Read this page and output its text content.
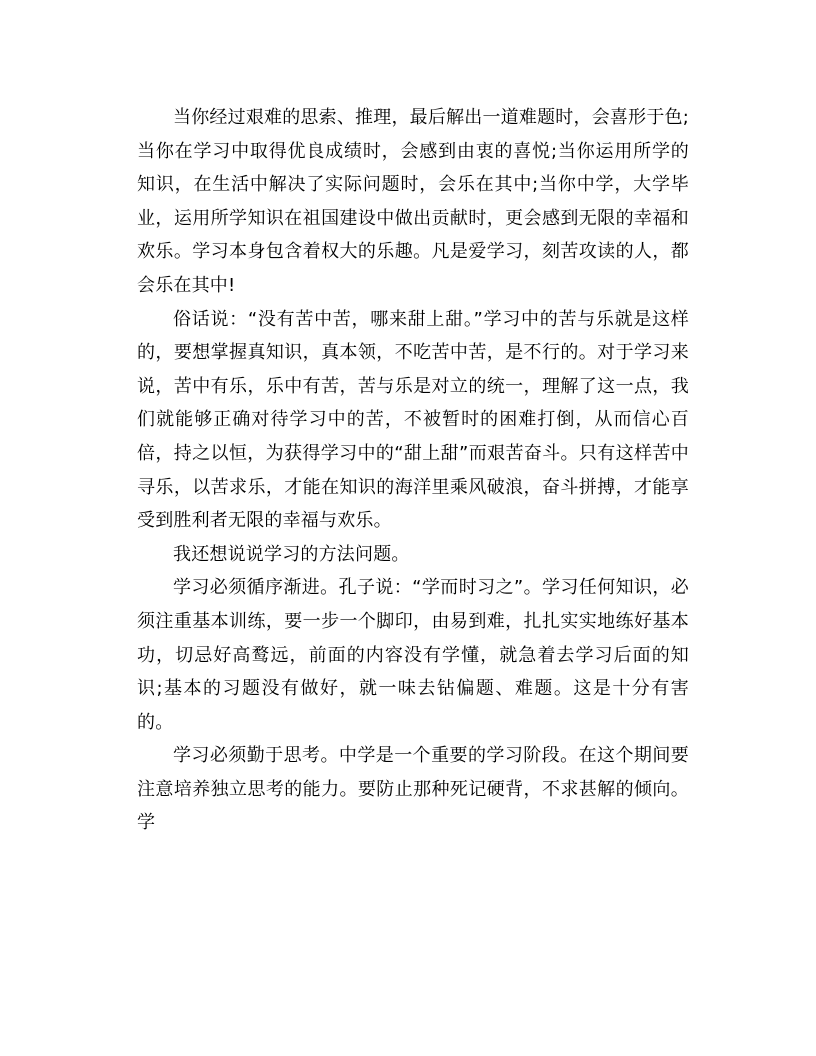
当你经过艰难的思索、推理，最后解出一道难题时，会喜形于色;当你在学习中取得优良成绩时，会感到由衷的喜悦;当你运用所学的知识，在生活中解决了实际问题时，会乐在其中;当你中学，大学毕业，运用所学知识在祖国建设中做出贡献时，更会感到无限的幸福和欢乐。学习本身包含着权大的乐趣。凡是爱学习，刻苦攻读的人，都会乐在其中!

俗话说：“没有苦中苦，哪来甜上甜。”学习中的苦与乐就是这样的，要想掌握真知识，真本领，不吃苦中苦，是不行的。对于学习来说，苦中有乐，乐中有苦，苦与乐是对立的统一，理解了这一点，我们就能够正确对待学习中的苦，不被暂时的困难打倒，从而信心百倍，持之以恒，为获得学习中的“甜上甜”而艰苦奋斗。只有这样苦中寻乐，以苦求乐，才能在知识的海洋里乘风破浪，奋斗拼搏，才能享受到胜利者无限的幸福与欢乐。

我还想说说学习的方法问题。

学习必须循序渐进。孔子说：“学而时习之”。学习任何知识，必须注重基本训练，要一步一个脚印，由易到难，扎扎实实地练好基本功，切忌好高鹜远，前面的内容没有学懂，就急着去学习后面的知识;基本的习题没有做好，就一味去钻偏题、难题。这是十分有害的。

学习必须勤于思考。中学是一个重要的学习阶段。在这个期间要注意培养独立思考的能力。要防止那种死记硬背，不求甚解的倾向。学
